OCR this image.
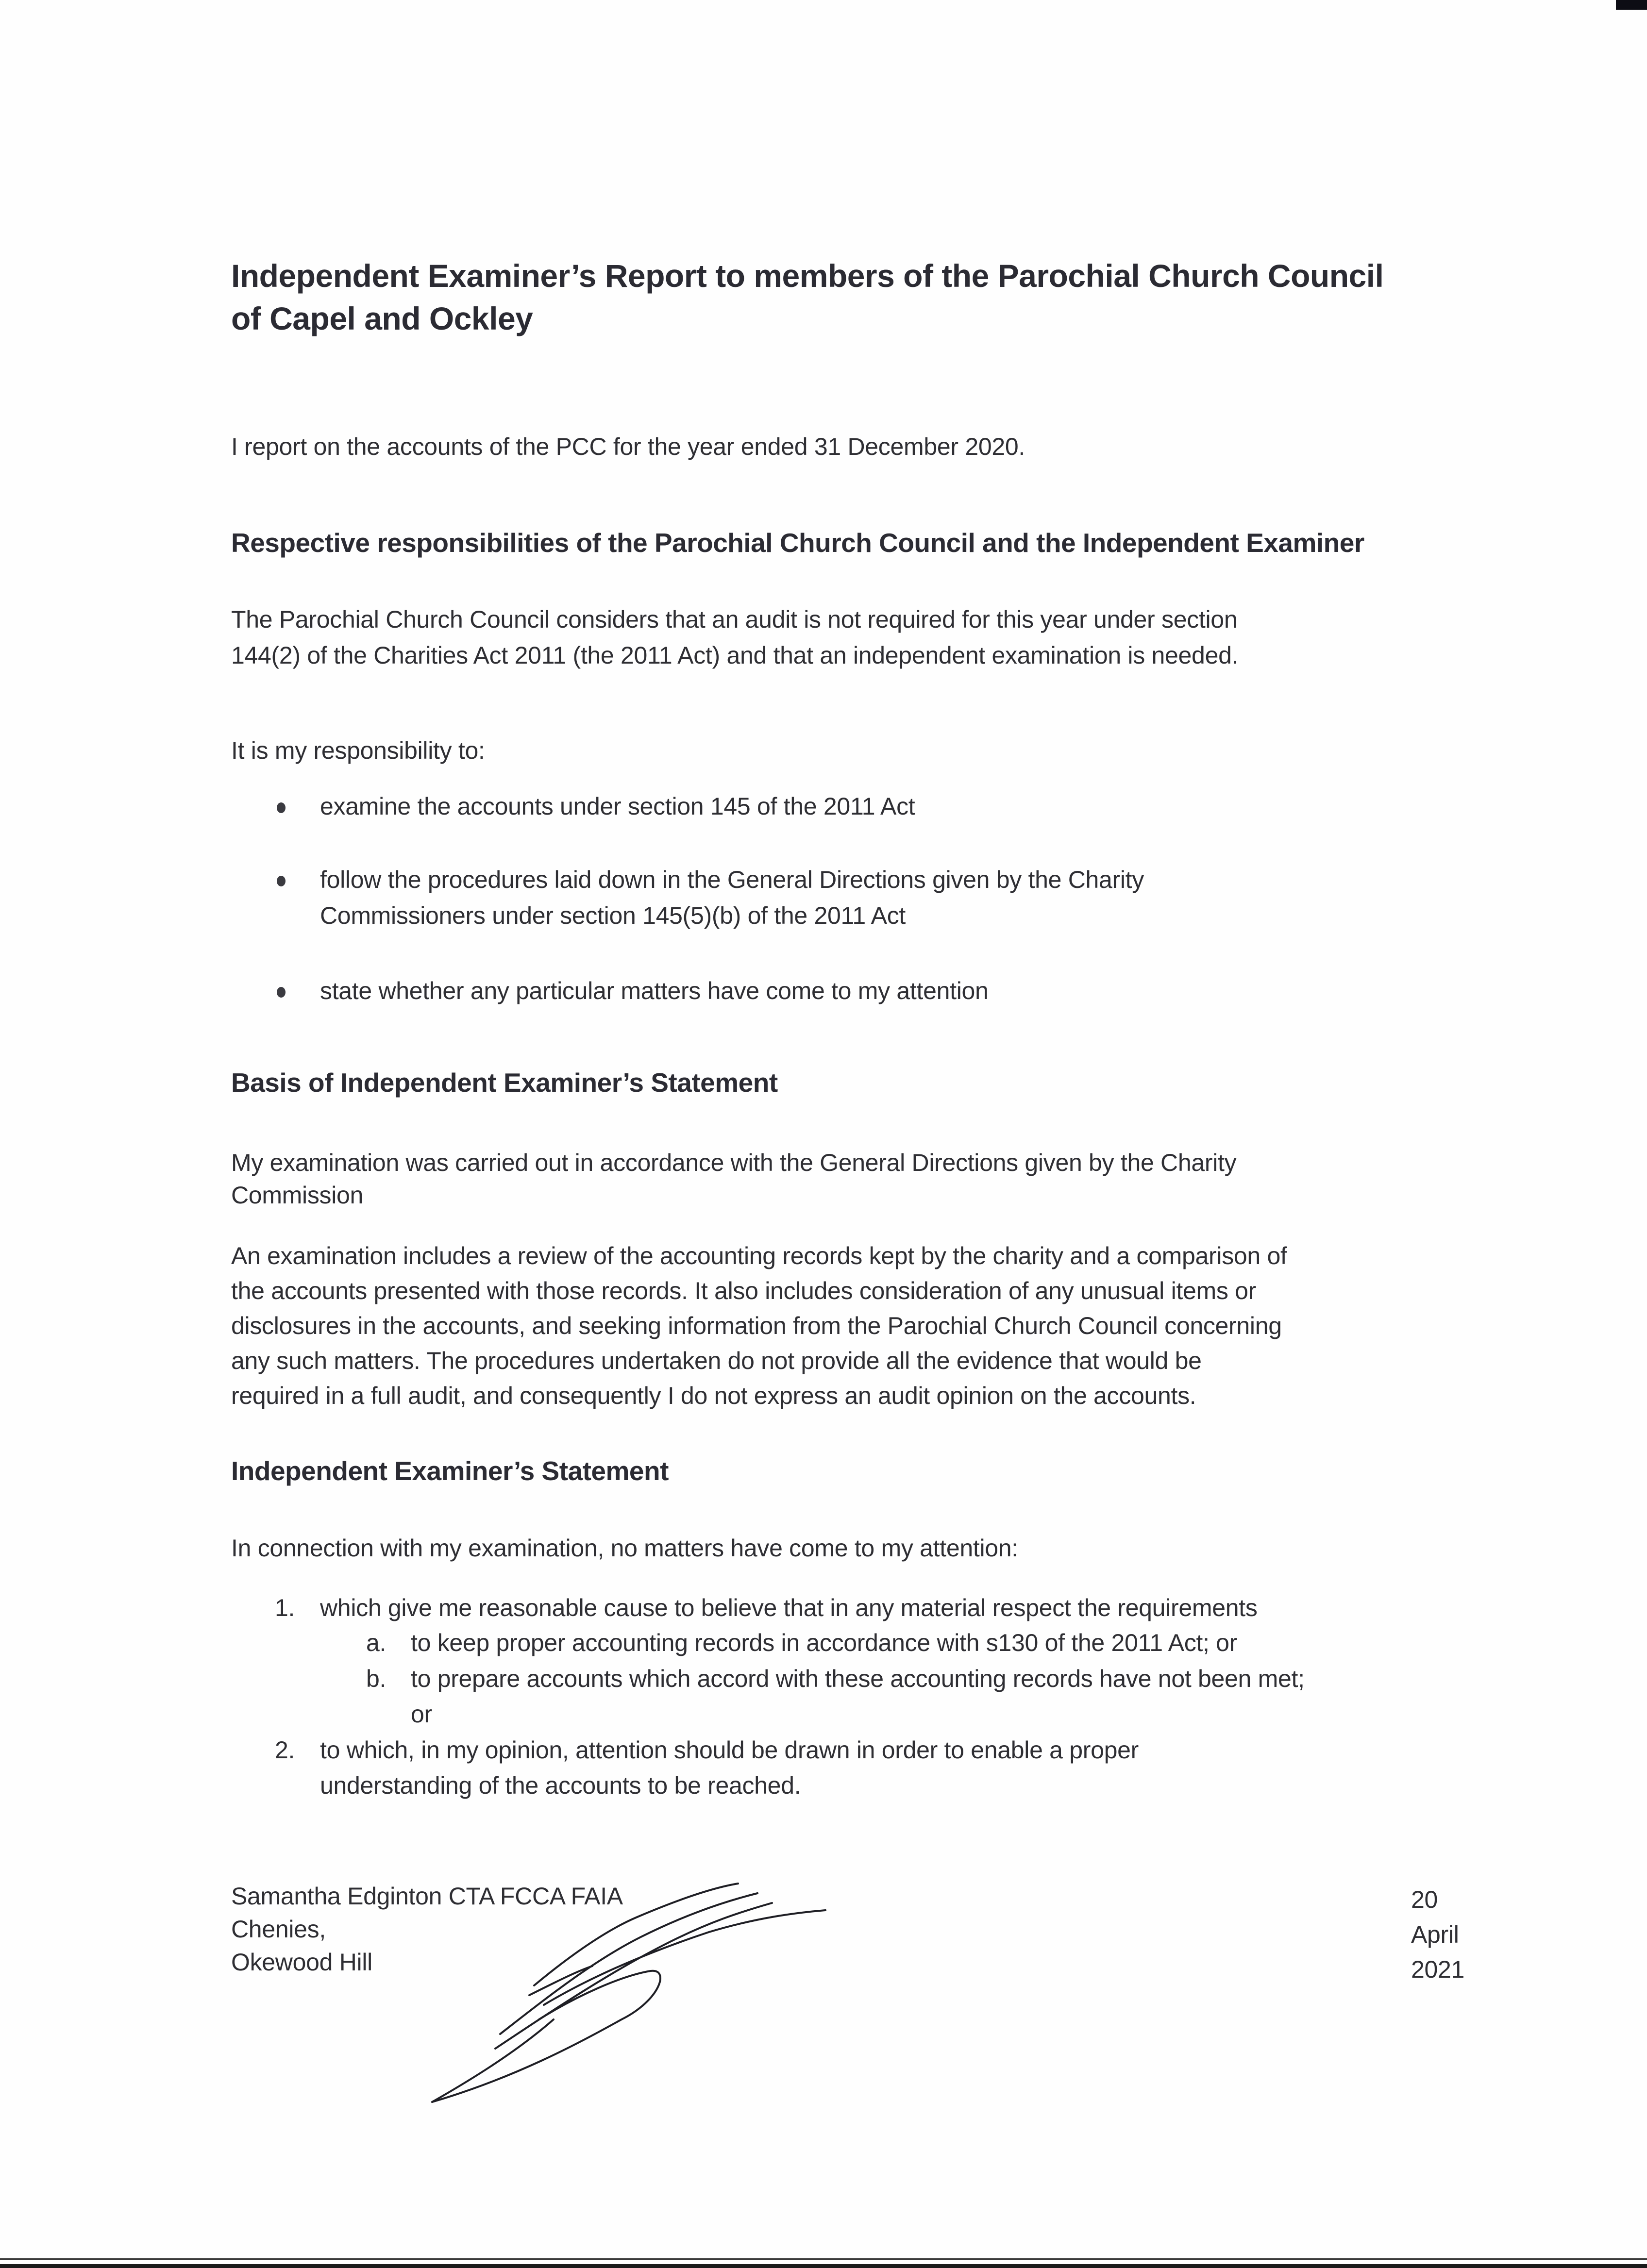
Independent Examiner’s Report to members of the Parochial Church Council
of Capel and Ockley
I report on the accounts of the PCC for the year ended 31 December 2020.
Respective responsibilities of the Parochial Church Council and the Independent Examiner
The Parochial Church Council considers that an audit is not required for this year under section
144(2) of the Charities Act 2011 (the 2011 Act) and that an independent examination is needed.
It is my responsibility to:
examine the accounts under section 145 of the 2011 Act
follow the procedures laid down in the General Directions given by the Charity
Commissioners under section 145(5)(b) of the 2011 Act
state whether any particular matters have come to my attention
Basis of Independent Examiner’s Statement
My examination was carried out in accordance with the General Directions given by the Charity
Commission
An examination includes a review of the accounting records kept by the charity and a comparison of
the accounts presented with those records. It also includes consideration of any unusual items or
disclosures in the accounts, and seeking information from the Parochial Church Council concerning
any such matters. The procedures undertaken do not provide all the evidence that would be
required in a full audit, and consequently I do not express an audit opinion on the accounts.
Independent Examiner’s Statement
In connection with my examination, no matters have come to my attention:
1. which give me reasonable cause to believe that in any material respect the requirements
a. to keep proper accounting records in accordance with s130 of the 2011 Act; or
b. to prepare accounts which accord with these accounting records have not been met;
or
2. to which, in my opinion, attention should be drawn in order to enable a proper
understanding of the accounts to be reached.
Samantha Edginton CTA FCCA FAIA
Chenies,
Okewood Hill
20 April 2021
